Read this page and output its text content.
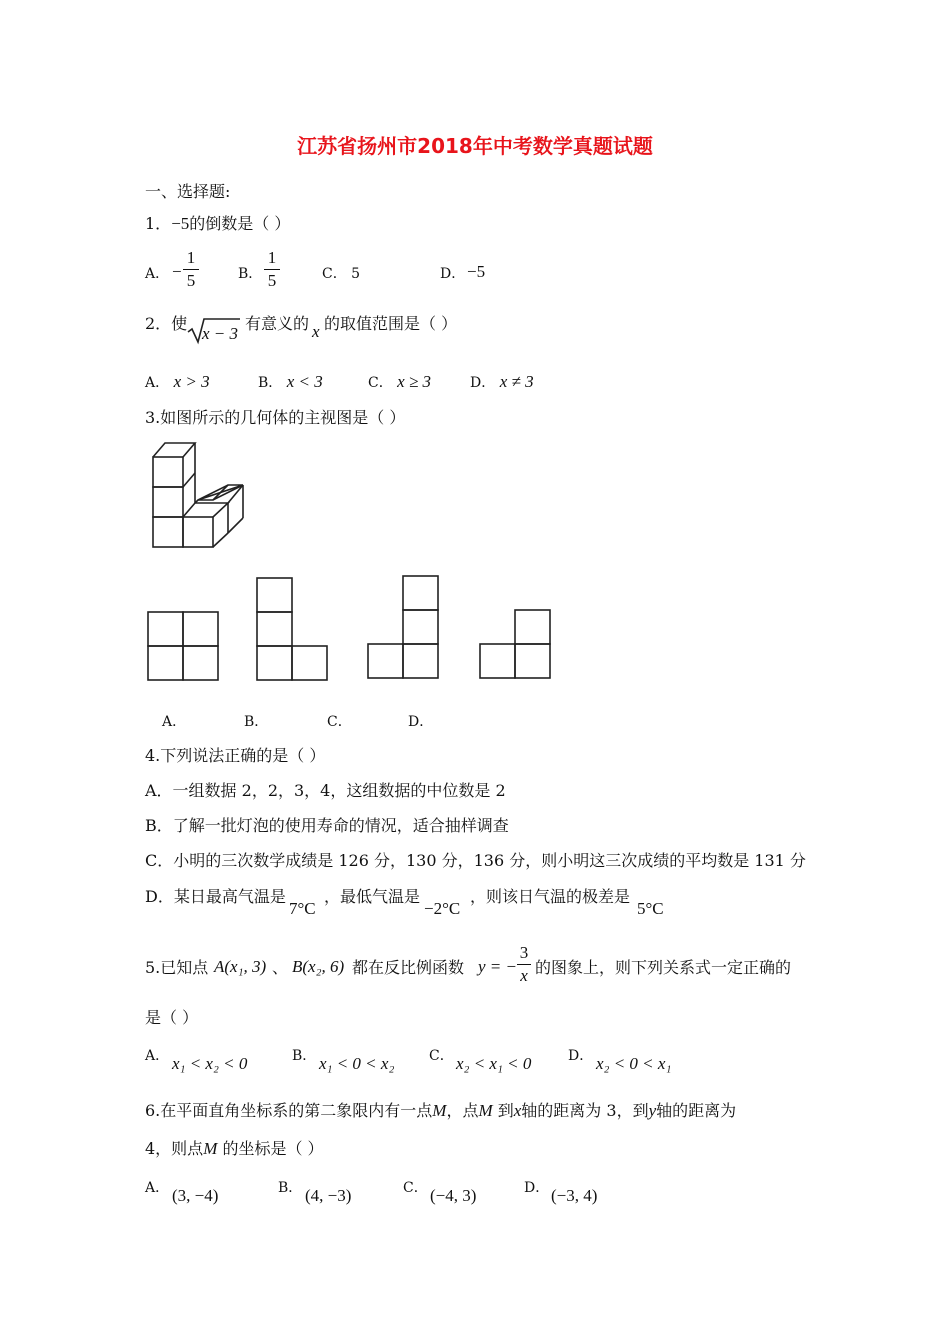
江苏省扬州市2018年中考数学真题试题
一、选择题:
1．−5的倒数是（ ）
A． −
1
5	B．
1
5	C． 5	D． −5
2．使
x − 3
有意义的 x 的取值范围是（ ）
A． x > 3	B． x < 3	C． x ≥ 3	D． x ≠ 3
3.如图所示的几何体的主视图是（ ）
A．	B．	C．	D．
4.下列说法正确的是（ ）
A．一组数据 2，2，3，4，这组数据的中位数是 2
B．了解一批灯泡的使用寿命的情况，适合抽样调查
C．小明的三次数学成绩是 126 分，130 分，136 分，则小明这三次成绩的平均数是 131 分
D．某日最高气温是
7°C
，最低气温是
−2°C
，则该日气温的极差是
5°C
5.已知点 A(x₁, 3) 、 B(x₂, 6) 都在反比例函数 y = −
3
x 的图象上，则下列关系式一定正确的
是（ ）
A． x₁ < x₂ < 0	B． x₁ < 0 < x₂ C． x₂ < x₁ < 0	D． x₂ < 0 < x₁
6.在平面直角坐标系的第二象限内有一点M，点M 到x轴的距离为 3，到y轴的距离为
4，则点M 的坐标是（ ）
A． (3, −4)	B． (4, −3)	C． (−4, 3)	D． (−3, 4)
